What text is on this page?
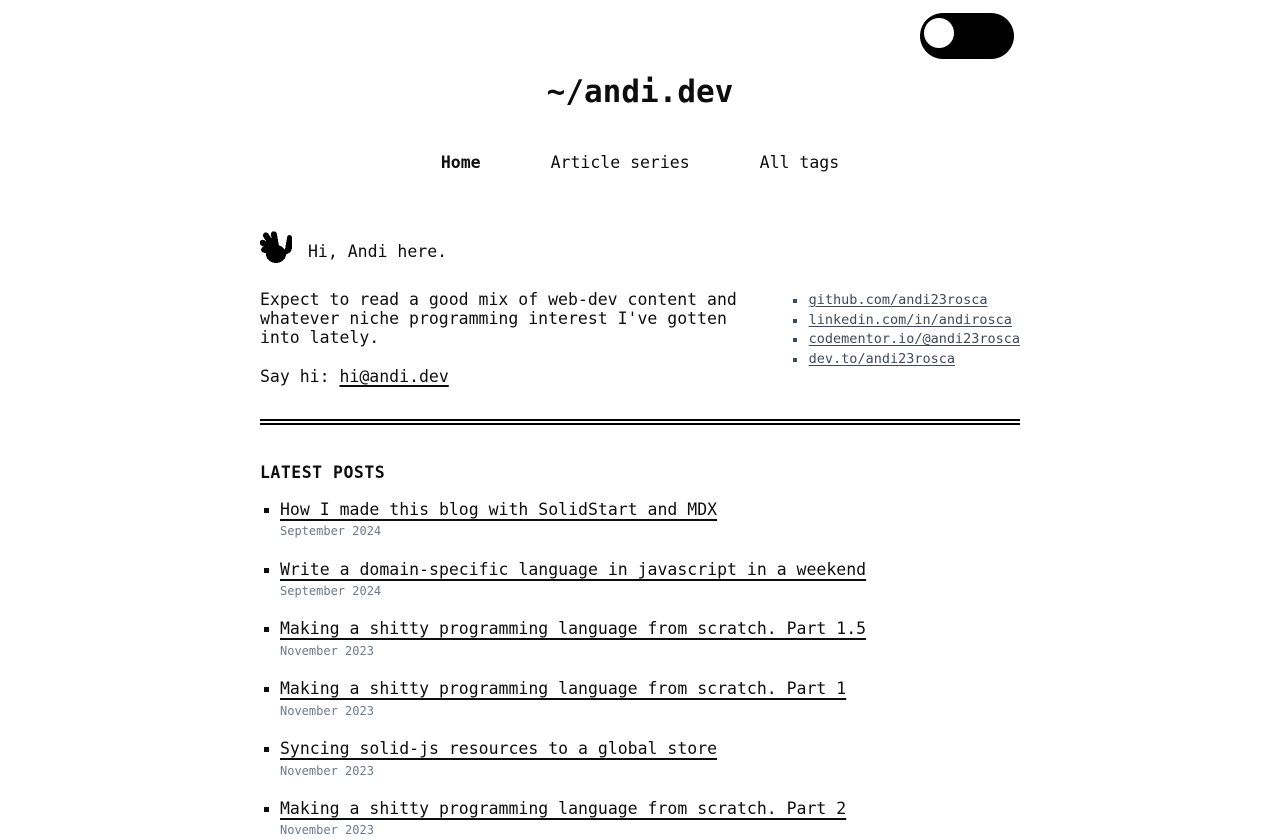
~/andi.dev
Home	Article series	All tags
Hi, Andi here.

Expect to read a good mix of web-dev content and whatever niche programming interest I've gotten into lately.

Say hi: hi@andi.dev

github.com/andi23rosca
linkedin.com/in/andirosca
codementor.io/@andi23rosca
dev.to/andi23rosca
LATEST POSTS
How I made this blog with SolidStart and MDX
September 2024
Write a domain-specific language in javascript in a weekend
September 2024
Making a shitty programming language from scratch. Part 1.5
November 2023
Making a shitty programming language from scratch. Part 1
November 2023
Syncing solid-js resources to a global store
November 2023
Making a shitty programming language from scratch. Part 2
November 2023
